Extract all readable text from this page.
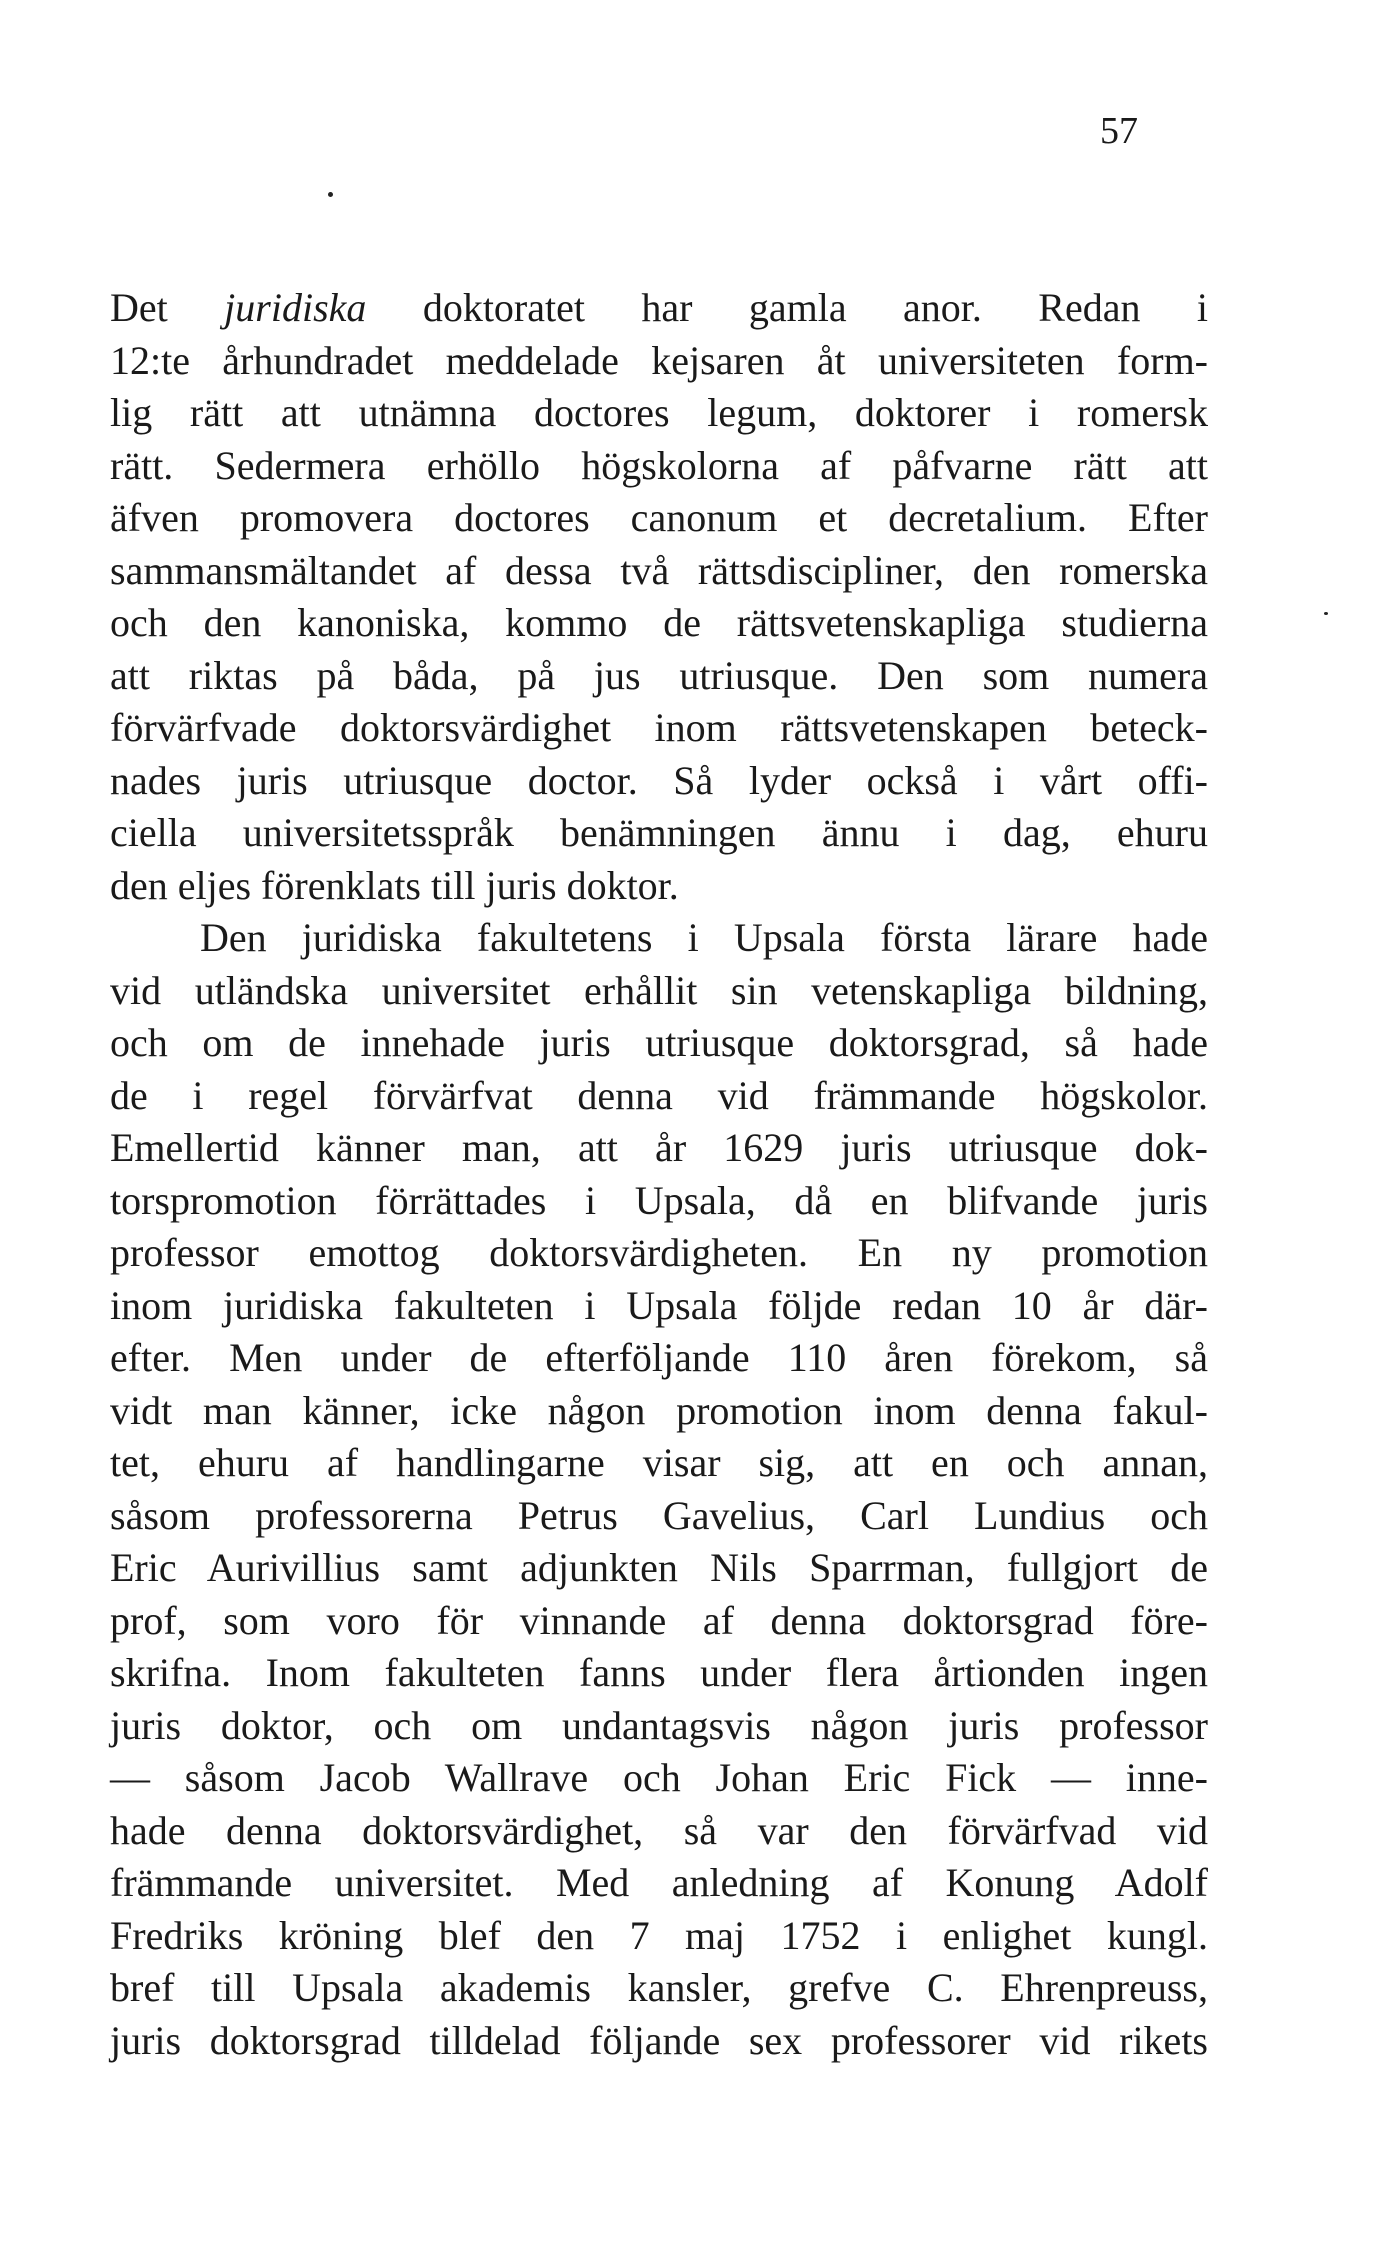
57
Det juridiska doktoratet har gamla anor. Redan i
12:te århundradet meddelade kejsaren åt universiteten form-
lig rätt att utnämna doctores legum, doktorer i romersk
rätt. Sedermera erhöllo högskolorna af påfvarne rätt att
äfven promovera doctores canonum et decretalium. Efter
sammansmältandet af dessa två rättsdiscipliner, den romerska
och den kanoniska, kommo de rättsvetenskapliga studierna
att riktas på båda, på jus utriusque. Den som numera
förvärfvade doktorsvärdighet inom rättsvetenskapen beteck-
nades juris utriusque doctor. Så lyder också i vårt offi-
ciella universitetsspråk benämningen ännu i dag, ehuru
den eljes förenklats till juris doktor.
Den juridiska fakultetens i Upsala första lärare hade
vid utländska universitet erhållit sin vetenskapliga bildning,
och om de innehade juris utriusque doktorsgrad, så hade
de i regel förvärfvat denna vid främmande högskolor.
Emellertid känner man, att år 1629 juris utriusque dok-
torspromotion förrättades i Upsala, då en blifvande juris
professor emottog doktorsvärdigheten. En ny promotion
inom juridiska fakulteten i Upsala följde redan 10 år där-
efter. Men under de efterföljande 110 åren förekom, så
vidt man känner, icke någon promotion inom denna fakul-
tet, ehuru af handlingarne visar sig, att en och annan,
såsom professorerna Petrus Gavelius, Carl Lundius och
Eric Aurivillius samt adjunkten Nils Sparrman, fullgjort de
prof, som voro för vinnande af denna doktorsgrad före-
skrifna. Inom fakulteten fanns under flera årtionden ingen
juris doktor, och om undantagsvis någon juris professor
— såsom Jacob Wallrave och Johan Eric Fick — inne-
hade denna doktorsvärdighet, så var den förvärfvad vid
främmande universitet. Med anledning af Konung Adolf
Fredriks kröning blef den 7 maj 1752 i enlighet kungl.
bref till Upsala akademis kansler, grefve C. Ehrenpreuss,
juris doktorsgrad tilldelad följande sex professorer vid rikets
